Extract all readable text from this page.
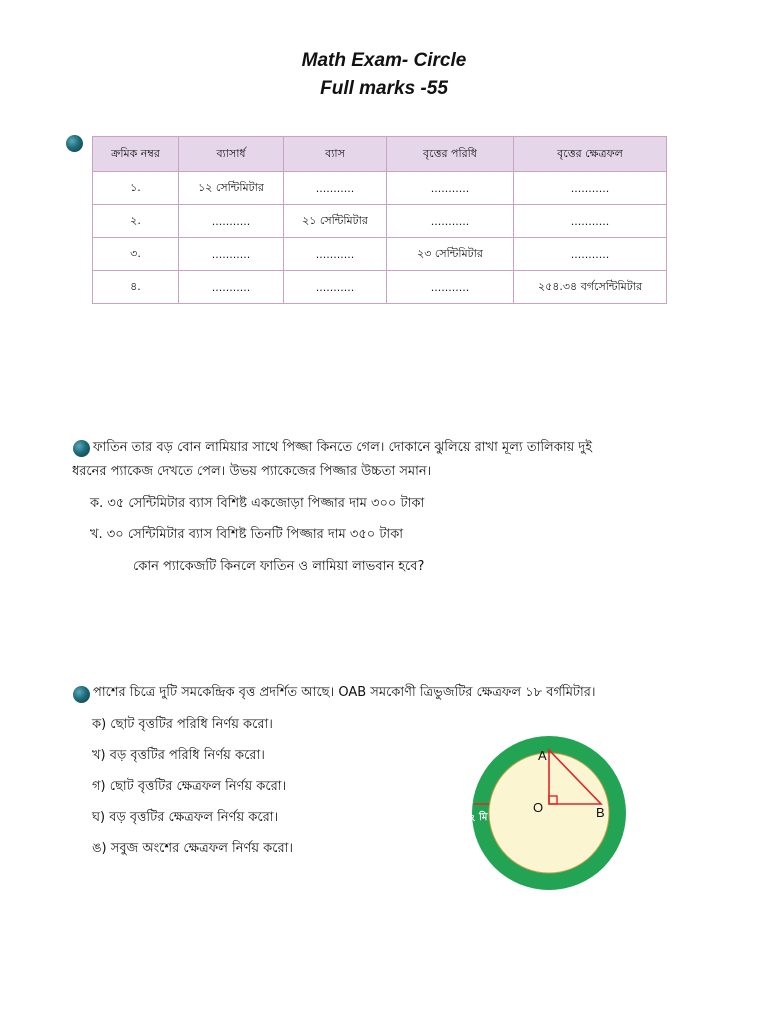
Math Exam- Circle
Full marks -55
ক্রমিক নম্বর	ব্যাসার্ধ	ব্যাস	বৃত্তের পরিধি	বৃত্তের ক্ষেত্রফল
১.	১২ সেন্টিমিটার	...........	...........	...........
২.	...........	২১ সেন্টিমিটার	...........	...........
৩.	...........	...........	২৩ সেন্টিমিটার	...........
৪.	...........	...........	...........	২৫৪.৩৪ বর্গসেন্টিমিটার
ফাতিন তার বড় বোন লামিয়ার সাথে পিজ্জা কিনতে গেল। দোকানে ঝুলিয়ে রাখা মূল্য তালিকায় দুই
ধরনের প্যাকেজ দেখতে পেল। উভয় প্যাকেজের পিজ্জার উচ্চতা সমান।
ক. ৩৫ সেন্টিমিটার ব্যাস বিশিষ্ট একজোড়া পিজ্জার দাম ৩০০ টাকা
খ. ৩০ সেন্টিমিটার ব্যাস বিশিষ্ট তিনটি পিজ্জার দাম ৩৫০ টাকা
কোন প্যাকেজটি কিনলে ফাতিন ও লামিয়া লাভবান হবে?
পাশের চিত্রে দুটি সমকেন্দ্রিক বৃত্ত প্রদর্শিত আছে। OAB সমকোণী ত্রিভুজটির ক্ষেত্রফল ১৮ বর্গমিটার।
ক) ছোট বৃত্তটির পরিধি নির্ণয় করো।
খ) বড় বৃত্তটির পরিধি নির্ণয় করো।
গ) ছোট বৃত্তটির ক্ষেত্রফল নির্ণয় করো।
ঘ) বড় বৃত্তটির ক্ষেত্রফল নির্ণয় করো।
ঙ) সবুজ অংশের ক্ষেত্রফল নির্ণয় করো।
A
O	B
২ মি
